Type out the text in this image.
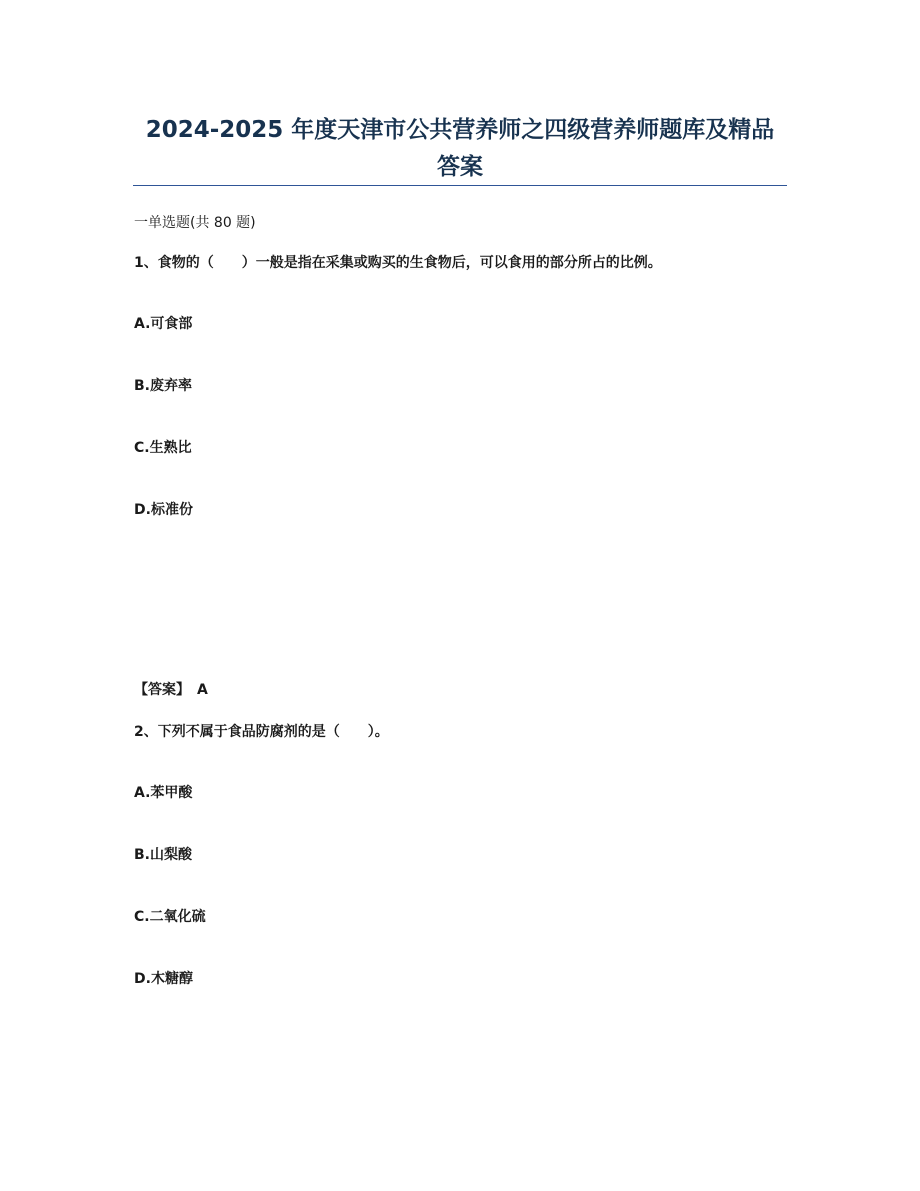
2024-2025 年度天津市公共营养师之四级营养师题库及精品
答案
一单选题(共 80 题)
1、食物的（　　）一般是指在采集或购买的生食物后，可以食用的部分所占的比例。
A.可食部
B.废弃率
C.生熟比
D.标准份
【答案】　A
2、下列不属于食品防腐剂的是（　　）。
A.苯甲酸
B.山梨酸
C.二氧化硫
D.木糖醇
